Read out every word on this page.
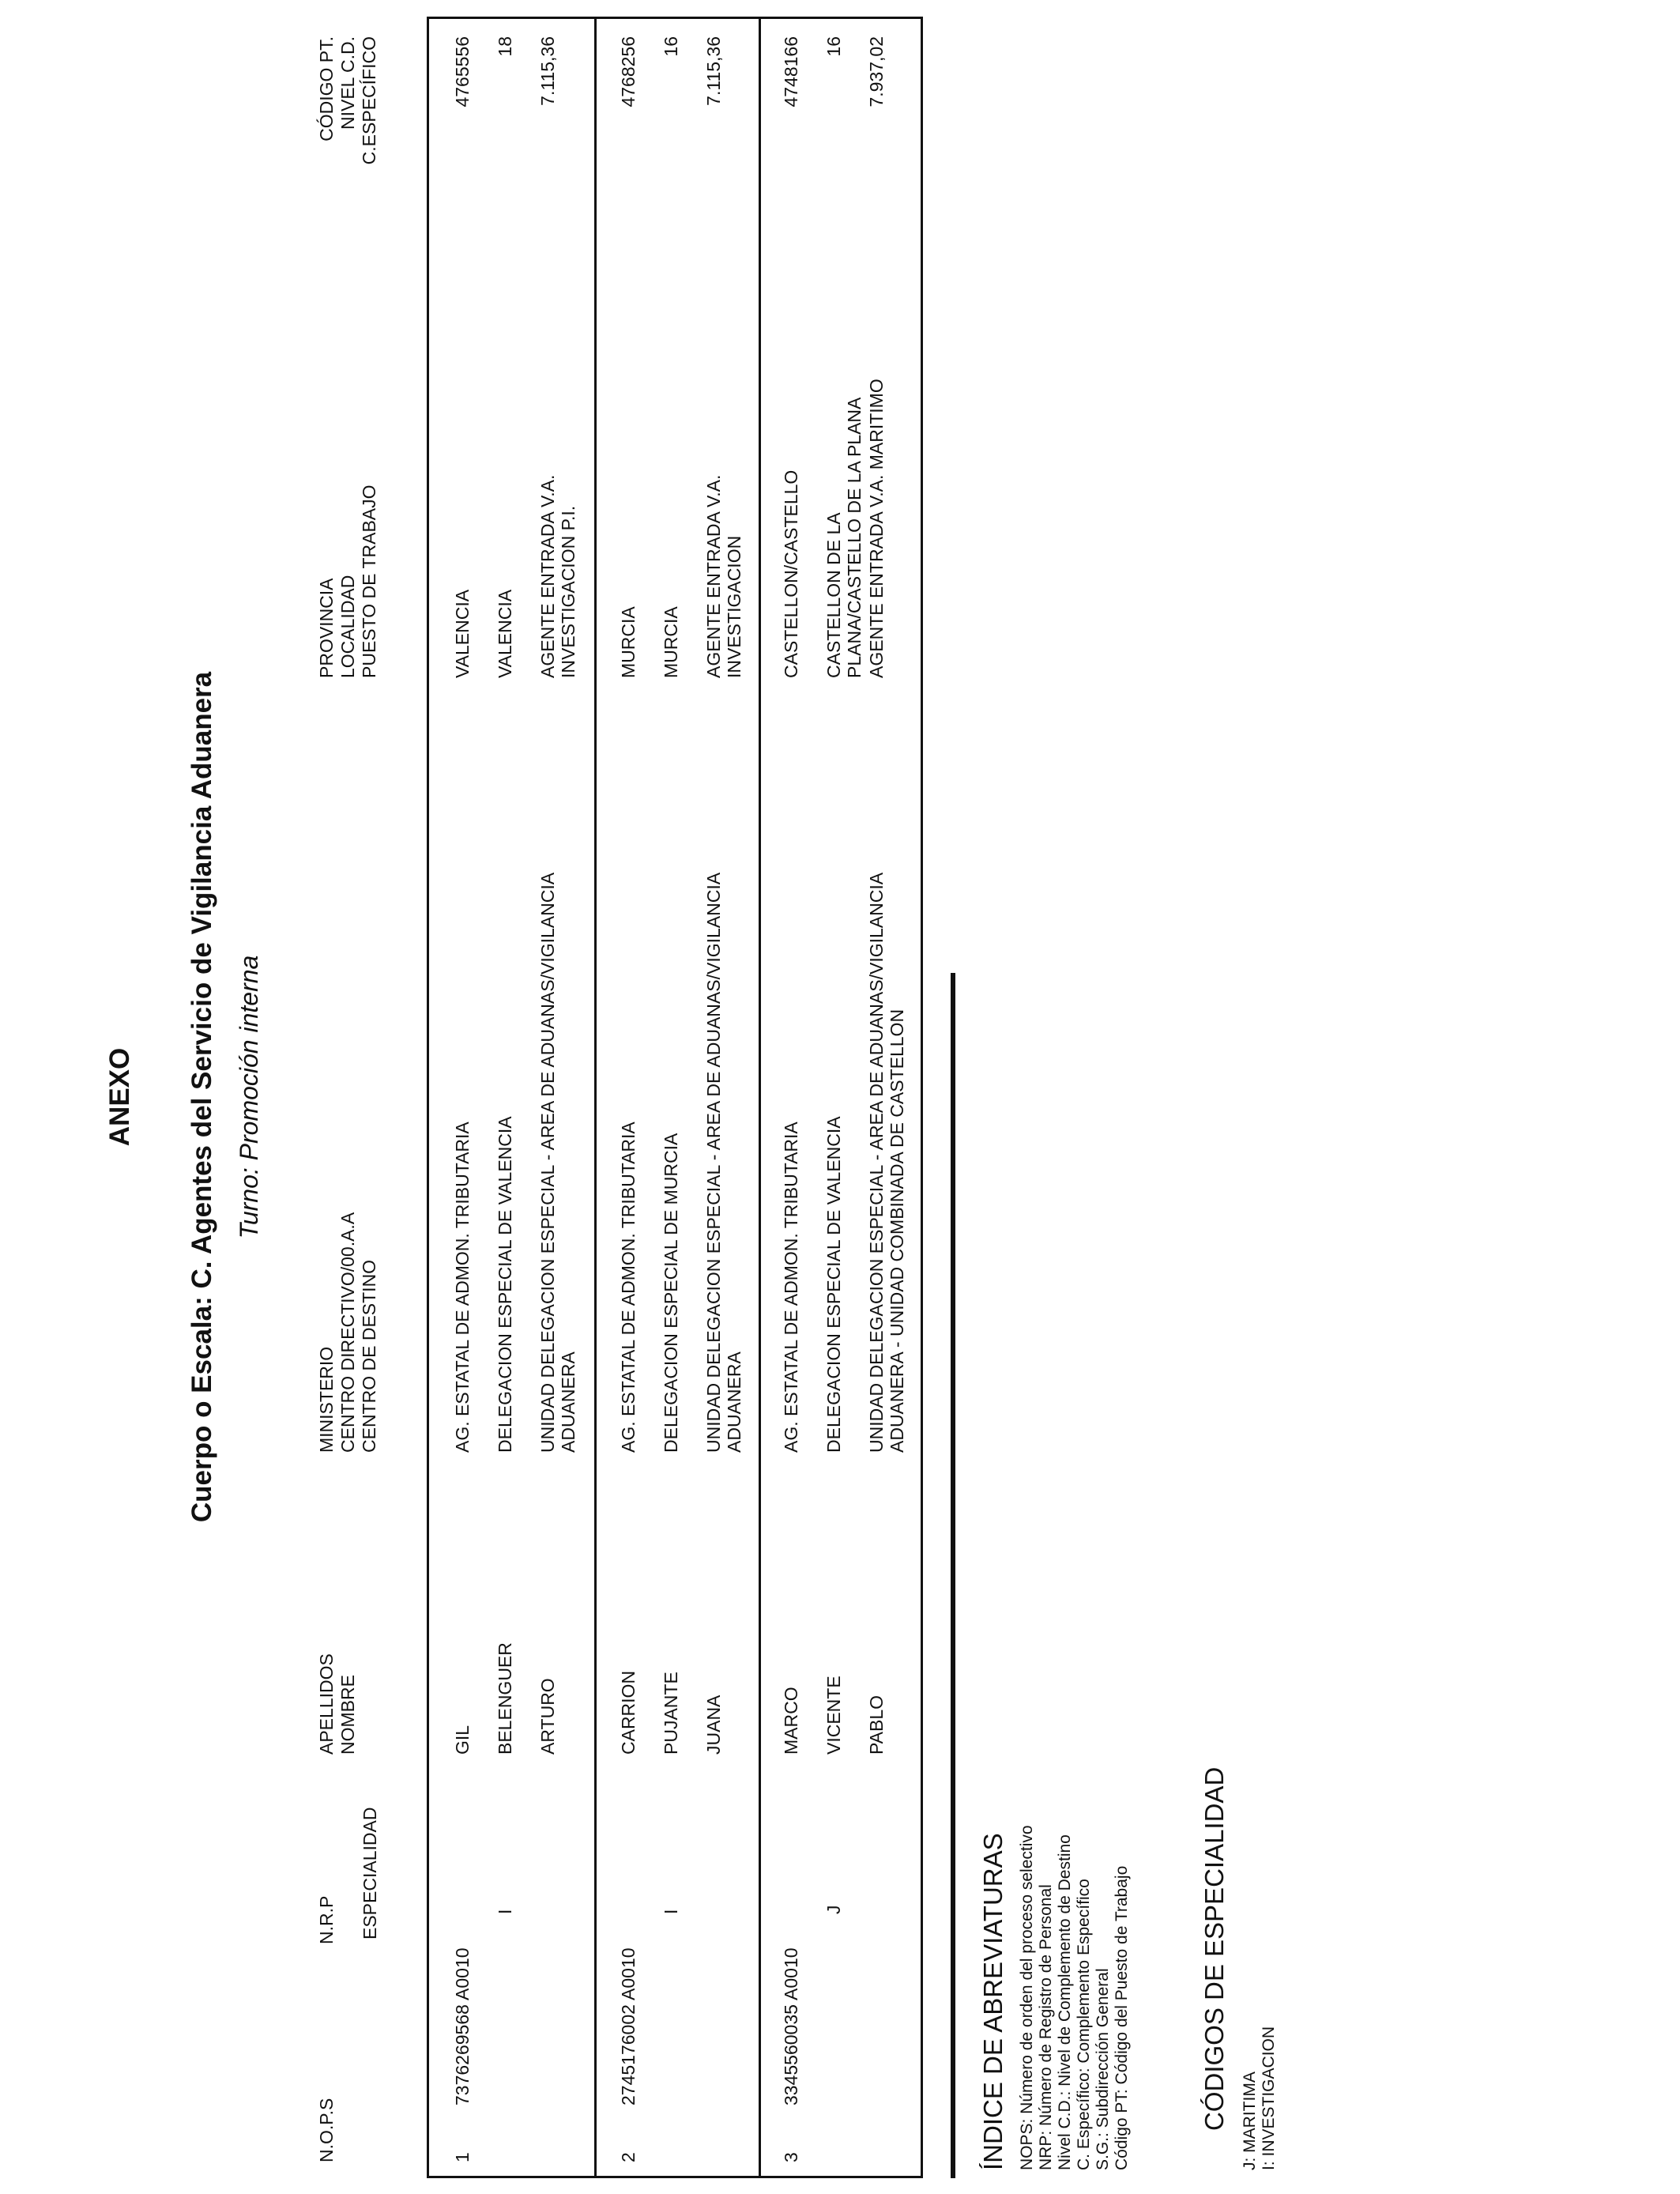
ANEXO
Cuerpo o Escala: C. Agentes del Servicio de Vigilancia Aduanera Turno: Promoción interna
N.O.P.S
N.R.P ESPECIALIDAD
APELLIDOS NOMBRE
MINISTERIO CENTRO DIRECTIVO/00.A.A CENTRO DE DESTINO
PROVINCIA LOCALIDAD PUESTO DE TRABAJO
CÓDIGO PT. NIVEL C.D. C.ESPECÍFICO
1
7376269568 A0010
I
GIL BELENGUER ARTURO
AG. ESTATAL DE ADMON. TRIBUTARIA DELEGACION ESPECIAL DE VALENCIA UNIDAD DELEGACION ESPECIAL - AREA DE ADUANAS/VIGILANCIA ADUANERA
VALENCIA VALENCIA AGENTE ENTRADA V.A. INVESTIGACION P.I.
4765556 18 7.115,36
2
2745176002 A0010
I
CARRION PUJANTE JUANA
AG. ESTATAL DE ADMON. TRIBUTARIA DELEGACION ESPECIAL DE MURCIA UNIDAD DELEGACION ESPECIAL - AREA DE ADUANAS/VIGILANCIA ADUANERA
MURCIA MURCIA AGENTE ENTRADA V.A. INVESTIGACION
4768256 16 7.115,36
3
3345560035 A0010
J
MARCO VICENTE PABLO
AG. ESTATAL DE ADMON. TRIBUTARIA DELEGACION ESPECIAL DE VALENCIA UNIDAD DELEGACION ESPECIAL - AREA DE ADUANAS/VIGILANCIA ADUANERA - UNIDAD COMBINADA DE CASTELLON
CASTELLON/CASTELLO CASTELLON DE LA PLANA/CASTELLO DE LA PLANA AGENTE ENTRADA V.A. MARITIMO
4748166 16 7.937,02
ÍNDICE DE ABREVIATURAS NOPS: Número de orden del proceso selectivo NRP: Número de Registro de Personal Nivel C.D.: Nivel de Complemento de Destino C. Específico: Complemento Específico S.G.: Subdirección General Código PT: Código del Puesto de Trabajo	CÓDIGOS DE ESPECIALIDAD J: MARITIMA I: INVESTIGACION
